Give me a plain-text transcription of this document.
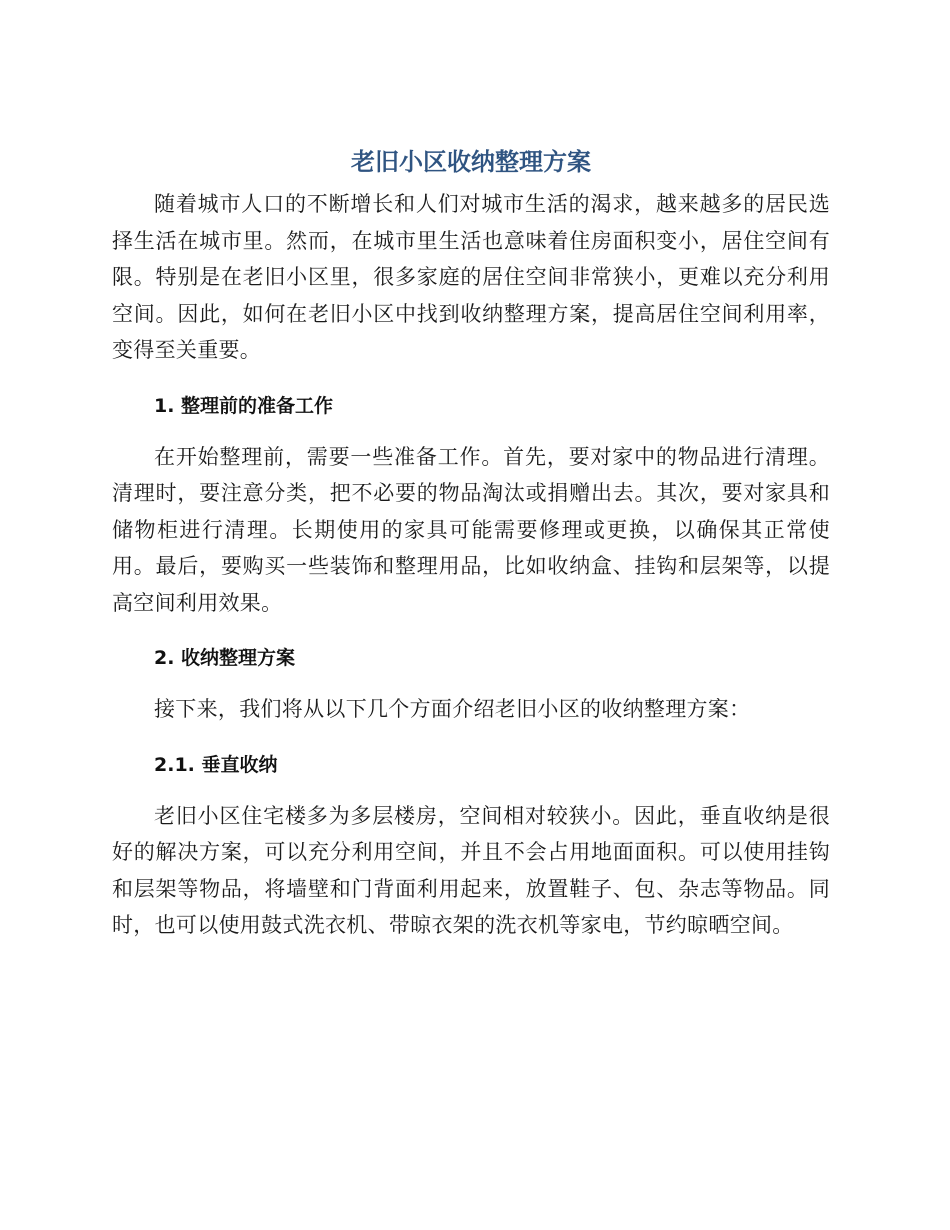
老旧小区收纳整理方案

随着城市人口的不断增长和人们对城市生活的渴求，越来越多的居民选择生活在城市里。然而，在城市里生活也意味着住房面积变小，居住空间有限。特别是在老旧小区里，很多家庭的居住空间非常狭小，更难以充分利用空间。因此，如何在老旧小区中找到收纳整理方案，提高居住空间利用率，变得至关重要。

1. 整理前的准备工作

在开始整理前，需要一些准备工作。首先，要对家中的物品进行清理。清理时，要注意分类，把不必要的物品淘汰或捐赠出去。其次，要对家具和储物柜进行清理。长期使用的家具可能需要修理或更换，以确保其正常使用。最后，要购买一些装饰和整理用品，比如收纳盒、挂钩和层架等，以提高空间利用效果。

2. 收纳整理方案

接下来，我们将从以下几个方面介绍老旧小区的收纳整理方案：

2.1. 垂直收纳

老旧小区住宅楼多为多层楼房，空间相对较狭小。因此，垂直收纳是很好的解决方案，可以充分利用空间，并且不会占用地面面积。可以使用挂钩和层架等物品，将墙壁和门背面利用起来，放置鞋子、包、杂志等物品。同时，也可以使用鼓式洗衣机、带晾衣架的洗衣机等家电，节约晾晒空间。
